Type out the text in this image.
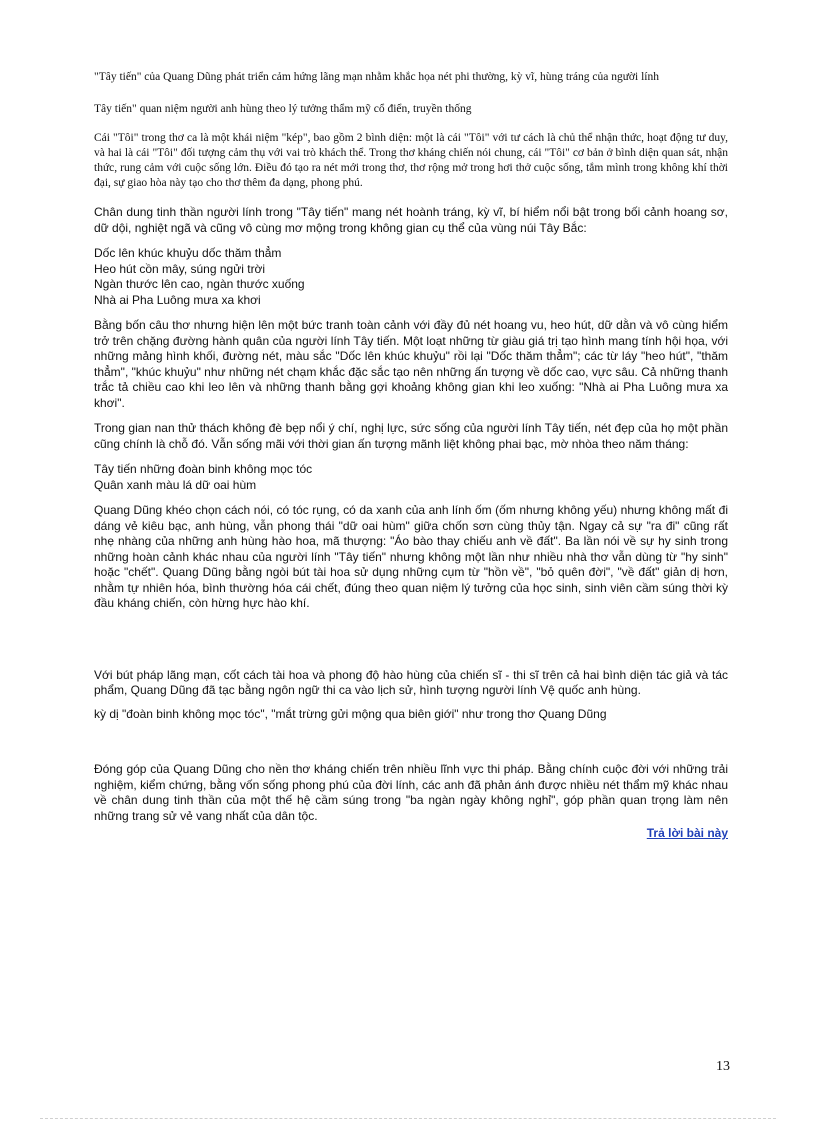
"Tây tiến" của Quang Dũng phát triển cảm hứng lãng mạn nhằm khắc họa nét phi thường, kỳ vĩ, hùng tráng của người lính

Tây tiến" quan niệm người anh hùng theo lý tưởng thẩm mỹ cổ điển, truyền thống

Cái "Tôi" trong thơ ca là một khái niệm "kép", bao gồm 2 bình diện: một là cái "Tôi" với tư cách là chủ thể nhận thức, hoạt động tư duy, và hai là cái "Tôi" đối tượng cảm thụ với vai trò khách thể. Trong thơ kháng chiến nói chung, cái "Tôi" cơ bản ở bình diện quan sát, nhận thức, rung cảm với cuộc sống lớn. Điều đó tạo ra nét mới trong thơ, thơ rộng mở trong hơi thở cuộc sống, tắm mình trong không khí thời đại, sự giao hòa này tạo cho thơ thêm đa dạng, phong phú.

Chân dung tinh thần người lính trong "Tây tiến" mang nét hoành tráng, kỳ vĩ, bí hiểm nổi bật trong bối cảnh hoang sơ, dữ dội, nghiệt ngã và cũng vô cùng mơ mộng trong không gian cụ thể của vùng núi Tây Bắc:

Dốc lên khúc khuỷu dốc thăm thẳm

Heo hút cồn mây, súng ngửi trời

Ngàn thước lên cao, ngàn thước xuống

Nhà ai Pha Luông mưa xa khơi

Bằng bốn câu thơ nhưng hiện lên một bức tranh toàn cảnh với đầy đủ nét hoang vu, heo hút, dữ dằn và vô cùng hiểm trở trên chặng đường hành quân của người lính Tây tiến. Một loạt những từ giàu giá trị tạo hình mang tính hội họa, với những mảng hình khối, đường nét, màu sắc "Dốc lên khúc khuỷu" rồi lại "Dốc thăm thẳm"; các từ láy "heo hút", "thăm thẳm", "khúc khuỷu" như những nét chạm khắc đặc sắc tạo nên những ấn tượng về dốc cao, vực sâu. Cả những thanh trắc tả chiều cao khi leo lên và những thanh bằng gợi khoảng không gian khi leo xuống: "Nhà ai Pha Luông mưa xa khơi".

Trong gian nan thử thách không đè bẹp nổi ý chí, nghị lực, sức sống của người lính Tây tiến, nét đẹp của họ một phần cũng chính là chỗ đó. Vẫn sống mãi với thời gian ấn tượng mãnh liệt không phai bạc, mờ nhòa theo năm tháng:

Tây tiến những đoàn binh không mọc tóc

Quân xanh màu lá dữ oai hùm

Quang Dũng khéo chọn cách nói, có tóc rụng, có da xanh của anh lính ốm (ốm nhưng không yếu) nhưng không mất đi dáng vẻ kiêu bạc, anh hùng, vẫn phong thái "dữ oai hùm" giữa chốn sơn cùng thủy tận. Ngay cả sự "ra đi" cũng rất nhẹ nhàng của những anh hùng hào hoa, mã thượng: "Áo bào thay chiếu anh về đất". Ba lần nói về sự hy sinh trong những hoàn cảnh khác nhau của người lính "Tây tiến" nhưng không một lần như nhiều nhà thơ vẫn dùng từ "hy sinh" hoặc "chết". Quang Dũng bằng ngòi bút tài hoa sử dụng những cụm từ "hồn về", "bỏ quên đời", "về đất" giản dị hơn, nhằm tự nhiên hóa, bình thường hóa cái chết, đúng theo quan niệm lý tưởng của học sinh, sinh viên cầm súng thời kỳ đầu kháng chiến, còn hừng hực hào khí.

Với bút pháp lãng mạn, cốt cách tài hoa và phong độ hào hùng của chiến sĩ - thi sĩ trên cả hai bình diện tác giả và tác phẩm, Quang Dũng đã tạc bằng ngôn ngữ thi ca vào lịch sử, hình tượng người lính Vệ quốc anh hùng.

kỳ dị "đoàn binh không mọc tóc", "mắt trừng gửi mộng qua biên giới" như trong thơ Quang Dũng

Đóng góp của Quang Dũng cho nền thơ kháng chiến trên nhiều lĩnh vực thi pháp. Bằng chính cuộc đời với những trải nghiệm, kiểm chứng, bằng vốn sống phong phú của đời lính, các anh đã phản ánh được nhiều nét thẩm mỹ khác nhau về chân dung tinh thần của một thế hệ cầm súng trong "ba ngàn ngày không nghỉ", góp phần quan trọng làm nên những trang sử vẻ vang nhất của dân tộc.

Trả lời bài này
13
